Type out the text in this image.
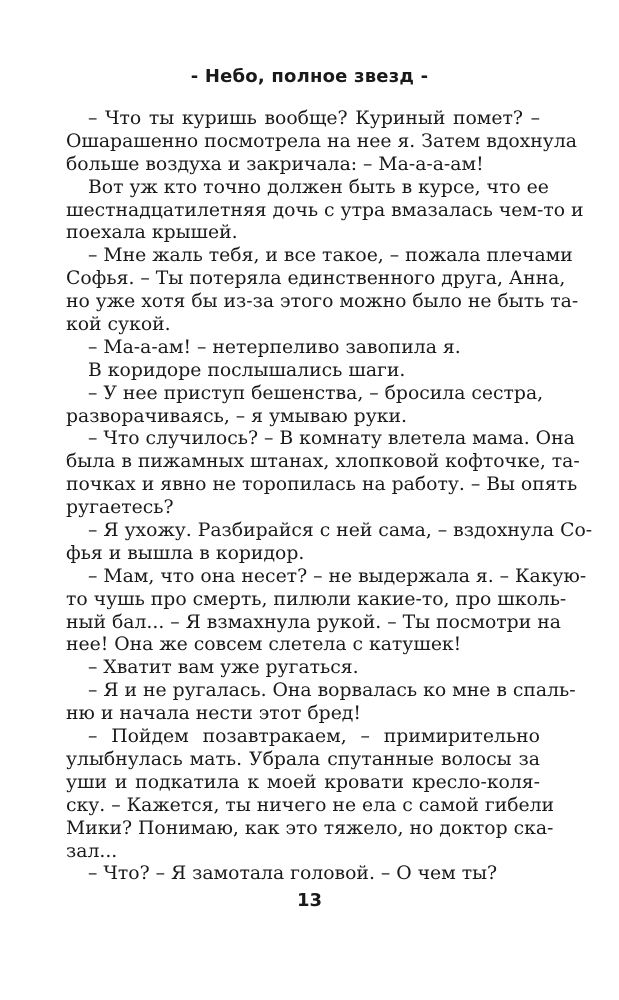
- Небо, полное звезд -
– Что ты куришь вообще? Куриный помет? –
Ошарашенно посмотрела на нее я. Затем вдохнула
больше воздуха и закричала: – Ма-а-а-ам!
Вот уж кто точно должен быть в курсе, что ее
шестнадцатилетняя дочь с утра вмазалась чем-то и
поехала крышей.
– Мне жаль тебя, и все такое, – пожала плечами
Софья. – Ты потеряла единственного друга, Анна,
но уже хотя бы из-за этого можно было не быть та-
кой сукой.
– Ма-а-ам! – нетерпеливо завопила я.
В коридоре послышались шаги.
– У нее приступ бешенства, – бросила сестра,
разворачиваясь, – я умываю руки.
– Что случилось? – В комнату влетела мама. Она
была в пижамных штанах, хлопковой кофточке, та-
почках и явно не торопилась на работу. – Вы опять
ругаетесь?
– Я ухожу. Разбирайся с ней сама, – вздохнула Со-
фья и вышла в коридор.
– Мам, что она несет? – не выдержала я. – Какую-
то чушь про смерть, пилюли какие-то, про школь-
ный бал... – Я взмахнула рукой. – Ты посмотри на
нее! Она же совсем слетела с катушек!
– Хватит вам уже ругаться.
– Я и не ругалась. Она ворвалась ко мне в спаль-
ню и начала нести этот бред!
– Пойдем позавтракаем, – примирительно
улыбнулась мать. Убрала спутанные волосы за
уши и подкатила к моей кровати кресло-коля-
ску. – Кажется, ты ничего не ела с самой гибели
Мики? Понимаю, как это тяжело, но доктор ска-
зал...
– Что? – Я замотала головой. – О чем ты?
13
